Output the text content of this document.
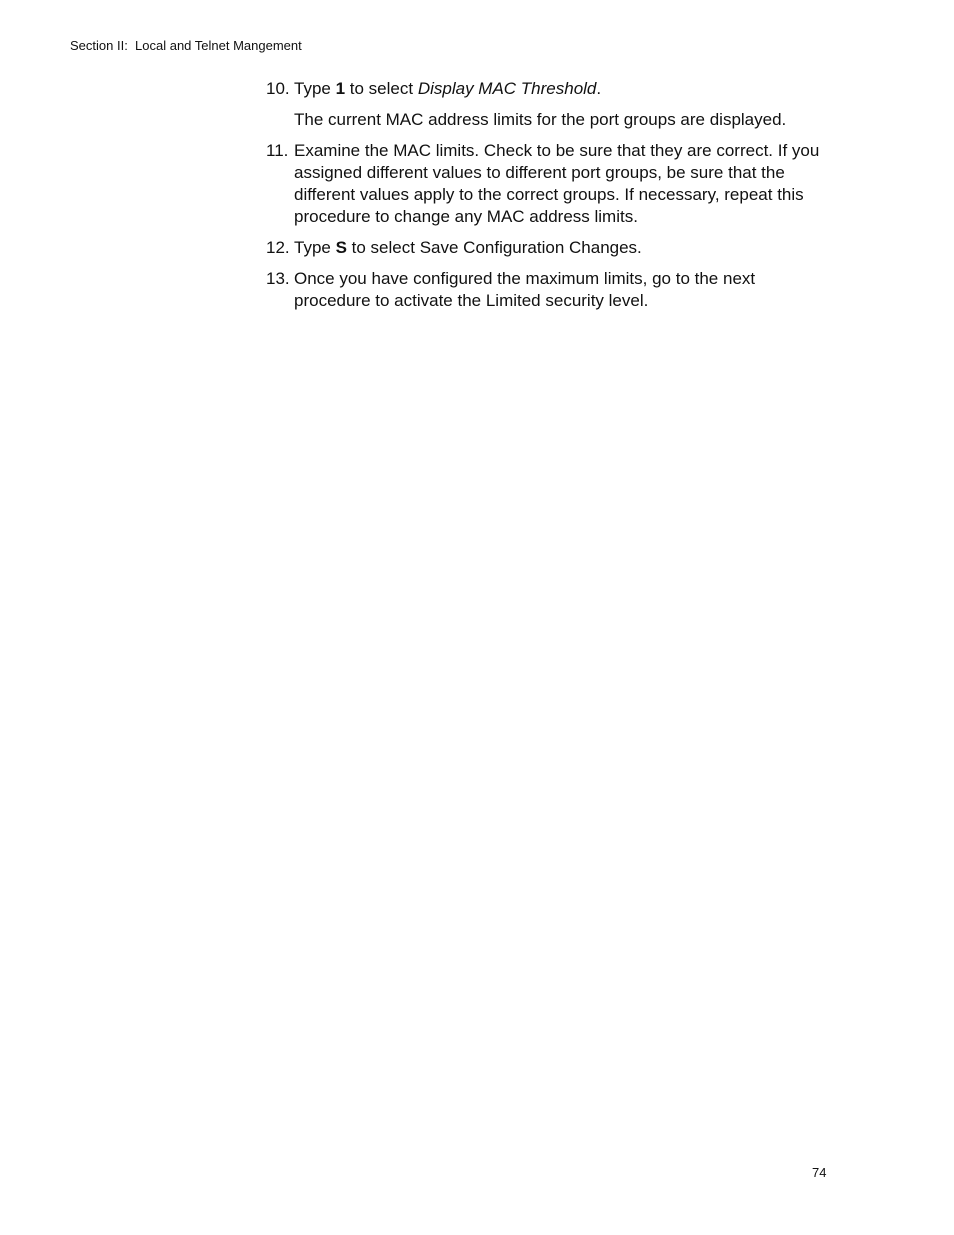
Section II:  Local and Telnet Mangement
10. Type 1 to select Display MAC Threshold.
The current MAC address limits for the port groups are displayed.
11. Examine the MAC limits. Check to be sure that they are correct. If you assigned different values to different port groups, be sure that the different values apply to the correct groups. If necessary, repeat this procedure to change any MAC address limits.
12. Type S to select Save Configuration Changes.
13. Once you have configured the maximum limits, go to the next procedure to activate the Limited security level.
74
